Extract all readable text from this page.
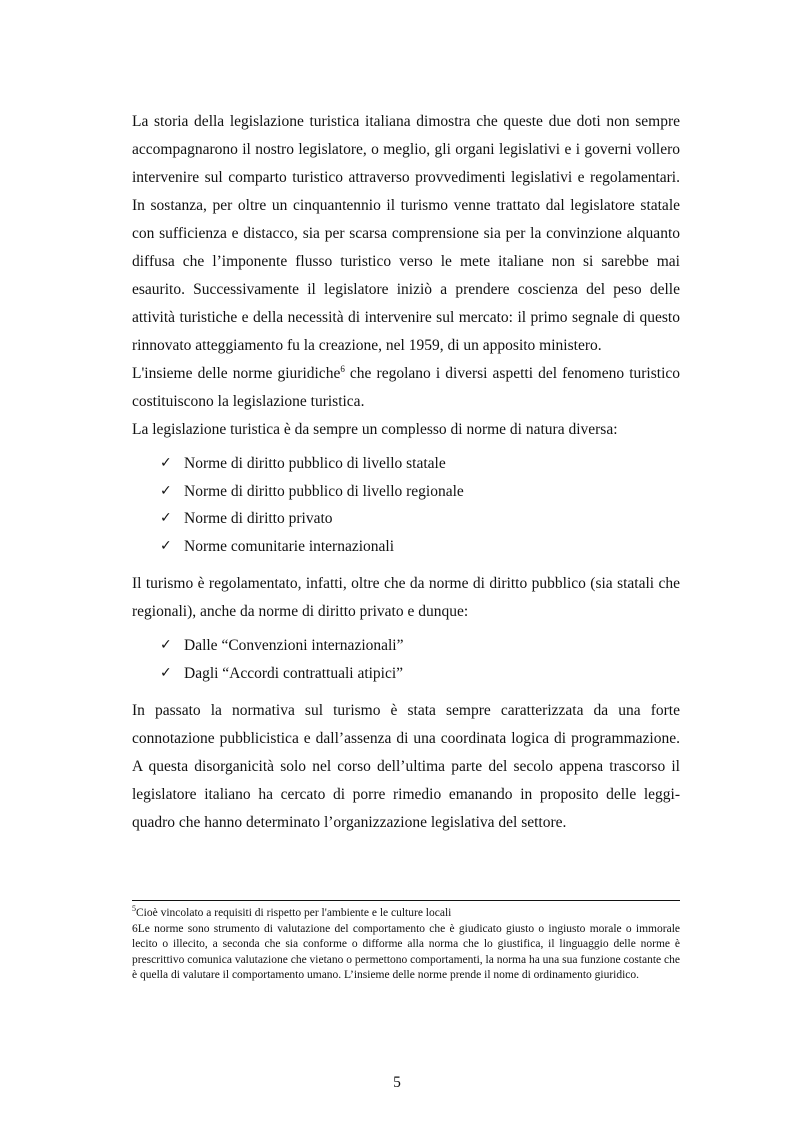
La storia della legislazione turistica italiana dimostra che queste due doti non sempre accompagnarono il nostro legislatore, o meglio, gli organi legislativi e i governi vollero intervenire sul comparto turistico attraverso provvedimenti legislativi e regolamentari. In sostanza, per oltre un cinquantennio il turismo venne trattato dal legislatore statale con sufficienza e distacco, sia per scarsa comprensione sia per la convinzione alquanto diffusa che l’imponente flusso turistico verso le mete italiane non si sarebbe mai esaurito. Successivamente il legislatore iniziò a prendere coscienza del peso delle attività turistiche e della necessità di intervenire sul mercato: il primo segnale di questo rinnovato atteggiamento fu la creazione, nel 1959, di un apposito ministero.

L'insieme delle norme giuridiche$^6$ che regolano i diversi aspetti del fenomeno turistico costituiscono la legislazione turistica.

La legislazione turistica è da sempre un complesso di norme di natura diversa:

✓ Norme di diritto pubblico di livello statale
✓ Norme di diritto pubblico di livello regionale
✓ Norme di diritto privato
✓ Norme comunitarie internazionali

Il turismo è regolamentato, infatti, oltre che da norme di diritto pubblico (sia statali che regionali), anche da norme di diritto privato e dunque:

✓ Dalle “Convenzioni internazionali”
✓ Dagli “Accordi contrattuali atipici”

In passato la normativa sul turismo è stata sempre caratterizzata da una forte connotazione pubblicistica e dall’assenza di una coordinata logica di programmazione. A questa disorganicità solo nel corso dell’ultima parte del secolo appena trascorso il legislatore italiano ha cercato di porre rimedio emanando in proposito delle leggi-quadro che hanno determinato l’organizzazione legislativa del settore.

$^5$Cioè vincolato a requisiti di rispetto per l'ambiente e le culture locali

6Le norme sono strumento di valutazione del comportamento che è giudicato giusto o ingiusto morale o immorale lecito o illecito, a seconda che sia conforme o difforme alla norma che lo giustifica, il linguaggio delle norme è prescrittivo comunica valutazione che vietano o permettono comportamenti, la norma ha una sua funzione costante che è quella di valutare il comportamento umano. L’insieme delle norme prende il nome di ordinamento giuridico.

5
